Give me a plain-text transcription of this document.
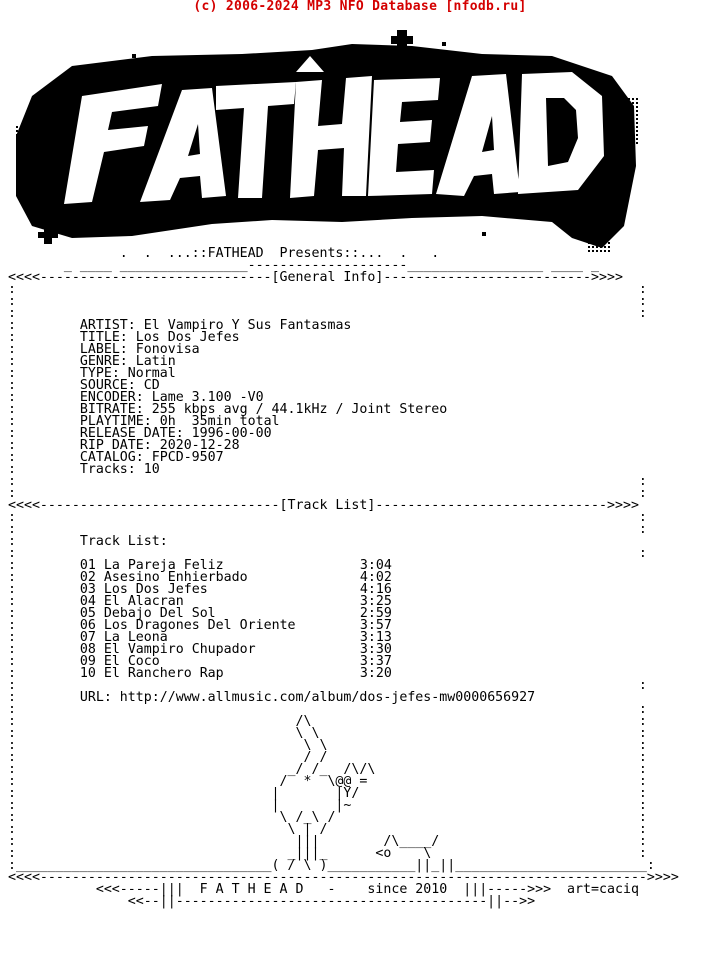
(c) 2006-2024 MP3 NFO Database [nfodb.ru]
.  .  ...::FATHEAD  Presents::...  .   .
_ ____ ________________--------------------_________________ ____ _
<<<<-----------------------------[General Info]-------------------------->>>>
:                                                                              :
:                                                                              :
:                                                                              :
:        ARTIST: El Vampiro Y Sus Fantasmas
:        TITLE: Los Dos Jefes
:        LABEL: Fonovisa
:        GENRE: Latin
:        TYPE: Normal
:        SOURCE: CD
:        ENCODER: Lame 3.100 -V0
:        BITRATE: 255 kbps avg / 44.1kHz / Joint Stereo
:        PLAYTIME: 0h  35min total
:        RELEASE DATE: 1996-00-00
:        RIP DATE: 2020-12-28
:        CATALOG: FPCD-9507
:        Tracks: 10
:                                                                              :
:                                                                              :
<<<<------------------------------[Track List]----------------------------->>>>
:                                                                              :
:                                                                              :
:        Track List:
:                                                                              :
:        01 La Pareja Feliz	3:04
:        02 Asesino Enhierbado	4:02
:        03 Los Dos Jefes	4:16
:        04 El Alacran	3:25
:        05 Debajo Del Sol	2:59
:        06 Los Dragones Del Oriente	3:57
:        07 La Leona	3:13
:        08 El Vampiro Chupador	3:30
:        09 El Coco	3:37
:        10 El Ranchero Rap	3:20
:                                                                              :
:        URL: http://www.allmusic.com/album/dos-jefes-mw0000656927
:                                                                              :
:                                   /\                                         :
:                                   \ \                                        :
:                                    \ \                                       :
:                                    / /                                       :
:                                  _/ /_  /\/\                                 :
:                                 /  *  \@@ =                                  :
:                                |       |Y/                                   :
:                                |       |~                                    :
:                                 \ /_\ /                                      :
:                                  \ | /                                       :
:                                   |||        /\____/                         :
:                                  _|||_      <o    \                          :
:________________________________( / \ )___________||_||________________________:
<<<<---------------------------------------------------------------------------->>>>
<<<-----|||  F A T H E A D   -    since 2010  |||----->>>  art=caciq
<<--||---------------------------------------||-->>
